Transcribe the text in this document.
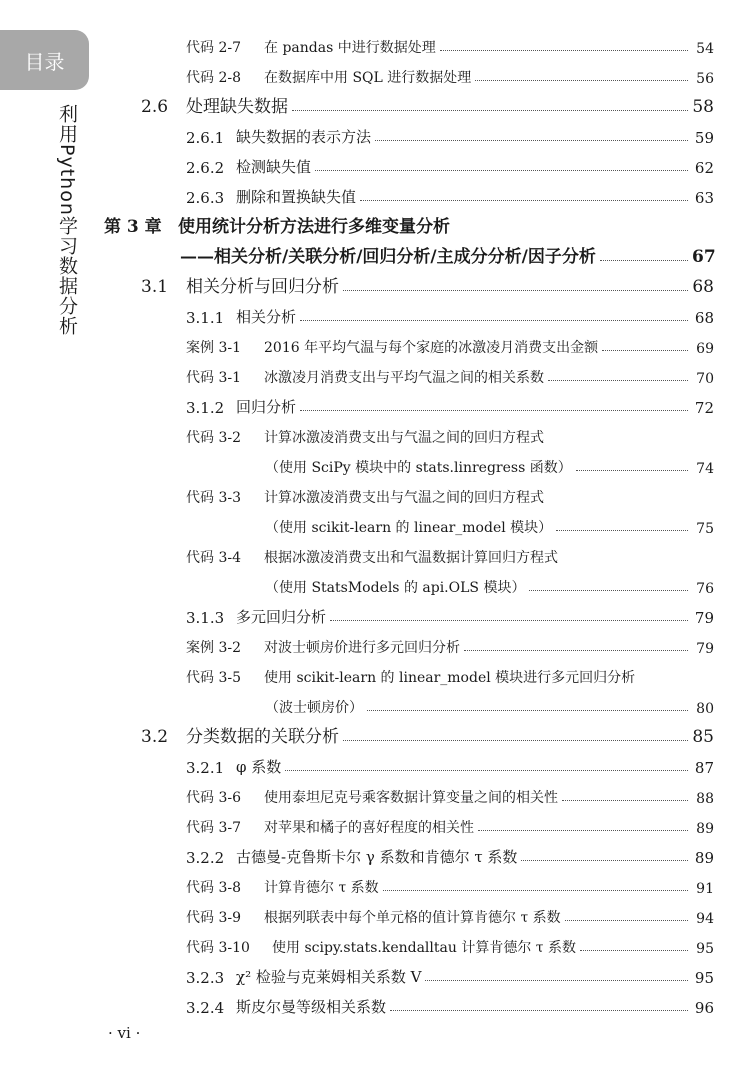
目录
利用Python学习数据分析
代码 2-7	在 pandas 中进行数据处理	54
代码 2-8	在数据库中用 SQL 进行数据处理	56
2.6	处理缺失数据	58
2.6.1 缺失数据的表示方法	59
2.6.2 检测缺失值	62
2.6.3 删除和置换缺失值	63
第 3 章 使用统计分析方法进行多维变量分析
——相关分析/关联分析/回归分析/主成分分析/因子分析	67
3.1	相关分析与回归分析	68
3.1.1 相关分析	68
案例 3-1	2016 年平均气温与每个家庭的冰激凌月消费支出金额	69
代码 3-1	冰激凌月消费支出与平均气温之间的相关系数	70
3.1.2 回归分析	72
代码 3-2	计算冰激凌消费支出与气温之间的回归方程式
（使用 SciPy 模块中的 stats.linregress 函数）	74
代码 3-3	计算冰激凌消费支出与气温之间的回归方程式
（使用 scikit-learn 的 linear_model 模块）	75
代码 3-4	根据冰激凌消费支出和气温数据计算回归方程式
（使用 StatsModels 的 api.OLS 模块）	76
3.1.3 多元回归分析	79
案例 3-2	对波士顿房价进行多元回归分析	79
代码 3-5	使用 scikit-learn 的 linear_model 模块进行多元回归分析
（波士顿房价）	80
3.2	分类数据的关联分析	85
3.2.1 φ 系数	87
代码 3-6	使用泰坦尼克号乘客数据计算变量之间的相关性	88
代码 3-7	对苹果和橘子的喜好程度的相关性	89
3.2.2 古德曼-克鲁斯卡尔 γ 系数和肯德尔 τ 系数	89
代码 3-8	计算肯德尔 τ 系数	91
代码 3-9	根据列联表中每个单元格的值计算肯德尔 τ 系数	94
代码 3-10	使用 scipy.stats.kendalltau 计算肯德尔 τ 系数	95
3.2.3 χ² 检验与克莱姆相关系数 V	95
3.2.4 斯皮尔曼等级相关系数	96
· vi ·
